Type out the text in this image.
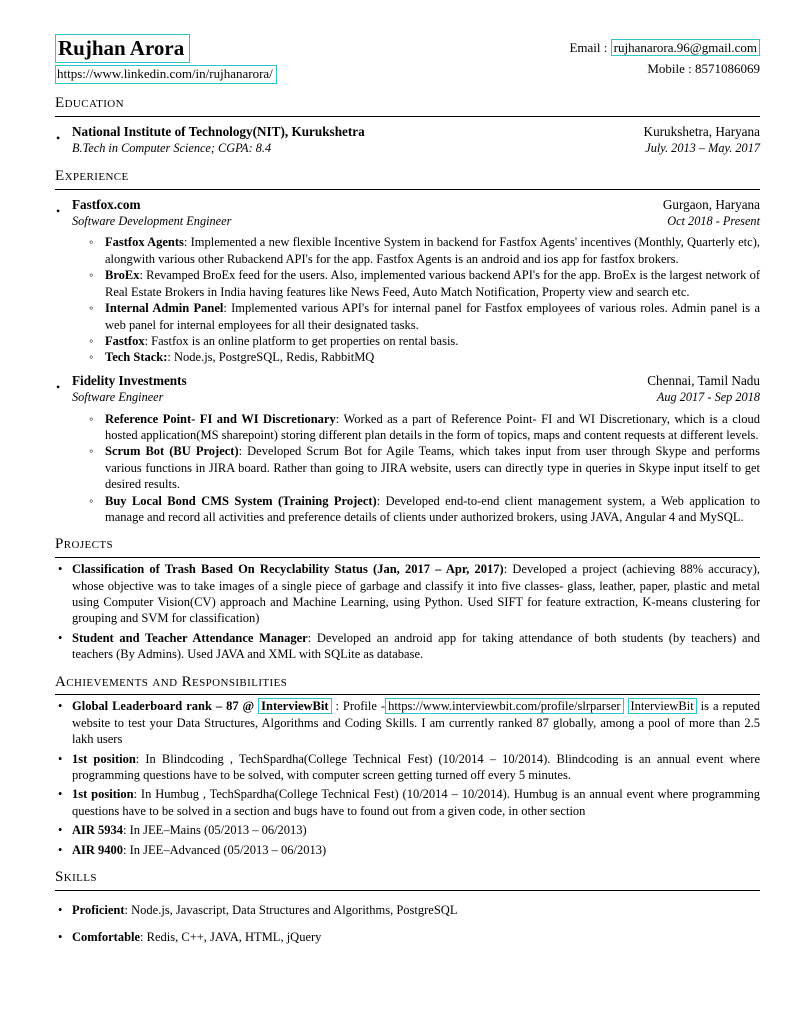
Rujhan Arora
https://www.linkedin.com/in/rujhanarora/
Email : rujhanarora.96@gmail.com
Mobile : 8571086069
Education
• National Institute of Technology(NIT), Kurukshetra	Kurukshetra, Haryana
B.Tech in Computer Science; CGPA: 8.4	July. 2013 – May. 2017
Experience
• Fastfox.com	Gurgaon, Haryana
Software Development Engineer	Oct 2018 - Present
◦ Fastfox Agents: Implemented a new flexible Incentive System in backend for Fastfox Agents' incentives (Monthly, Quarterly etc), alongwith various other Rubackend API's for the app. Fastfox Agents is an android and ios app for fastfox brokers.
◦ BroEx: Revamped BroEx feed for the users. Also, implemented various backend API's for the app. BroEx is the largest network of Real Estate Brokers in India having features like News Feed, Auto Match Notification, Property view and search etc.
◦ Internal Admin Panel: Implemented various API's for internal panel for Fastfox employees of various roles. Admin panel is a web panel for internal employees for all their designated tasks.
◦ Fastfox: Fastfox is an online platform to get properties on rental basis.
◦ Tech Stack:: Node.js, PostgreSQL, Redis, RabbitMQ
• Fidelity Investments	Chennai, Tamil Nadu
Software Engineer	Aug 2017 - Sep 2018
◦ Reference Point- FI and WI Discretionary: Worked as a part of Reference Point- FI and WI Discretionary, which is a cloud hosted application(MS sharepoint) storing different plan details in the form of topics, maps and content requests at different levels.
◦ Scrum Bot (BU Project): Developed Scrum Bot for Agile Teams, which takes input from user through Skype and performs various functions in JIRA board. Rather than going to JIRA website, users can directly type in queries in Skype input itself to get desired results.
◦ Buy Local Bond CMS System (Training Project): Developed end-to-end client management system, a Web application to manage and record all activities and preference details of clients under authorized brokers, using JAVA, Angular 4 and MySQL.
Projects
• Classification of Trash Based On Recyclability Status (Jan, 2017 – Apr, 2017): Developed a project (achieving 88% accuracy), whose objective was to take images of a single piece of garbage and classify it into five classes- glass, leather, paper, plastic and metal using Computer Vision(CV) approach and Machine Learning, using Python. Used SIFT for feature extraction, K-means clustering for grouping and SVM for classification)
• Student and Teacher Attendance Manager: Developed an android app for taking attendance of both students (by teachers) and teachers (By Admins). Used JAVA and XML with SQLite as database.
Achievements and Responsibilities
• Global Leaderboard rank – 87 @ InterviewBit : Profile - https://www.interviewbit.com/profile/slrparser InterviewBit is a reputed website to test your Data Structures, Algorithms and Coding Skills. I am currently ranked 87 globally, among a pool of more than 2.5 lakh users
• 1st position: In Blindcoding , TechSpardha(College Technical Fest) (10/2014 – 10/2014). Blindcoding is an annual event where programming questions have to be solved, with computer screen getting turned off every 5 minutes.
• 1st position: In Humbug , TechSpardha(College Technical Fest) (10/2014 – 10/2014). Humbug is an annual event where programming questions have to be solved in a section and bugs have to found out from a given code, in other section
• AIR 5934: In JEE–Mains (05/2013 – 06/2013)
• AIR 9400: In JEE–Advanced (05/2013 – 06/2013)
Skills
• Proficient: Node.js, Javascript, Data Structures and Algorithms, PostgreSQL
• Comfortable: Redis, C++, JAVA, HTML, jQuery
